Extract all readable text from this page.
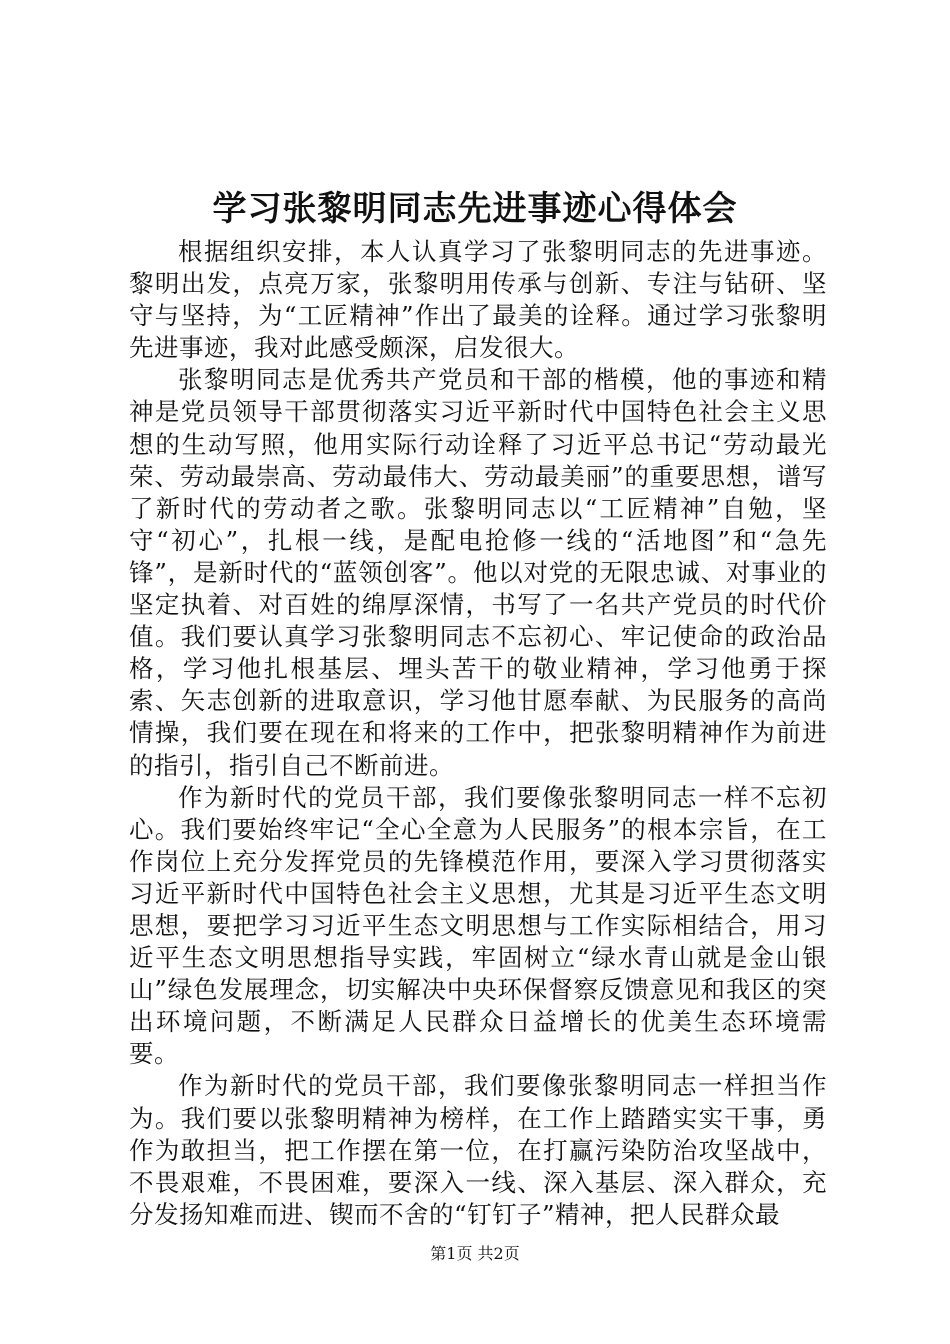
学习张黎明同志先进事迹心得体会

根据组织安排，本人认真学习了张黎明同志的先进事迹。黎明出发，点亮万家，张黎明用传承与创新、专注与钻研、坚守与坚持，为“工匠精神”作出了最美的诠释。通过学习张黎明先进事迹，我对此感受颇深，启发很大。

张黎明同志是优秀共产党员和干部的楷模，他的事迹和精神是党员领导干部贯彻落实习近平新时代中国特色社会主义思想的生动写照，他用实际行动诠释了习近平总书记“劳动最光荣、劳动最崇高、劳动最伟大、劳动最美丽”的重要思想，谱写了新时代的劳动者之歌。张黎明同志以“工匠精神”自勉，坚守“初心”，扎根一线，是配电抢修一线的“活地图”和“急先锋”，是新时代的“蓝领创客”。他以对党的无限忠诚、对事业的坚定执着、对百姓的绵厚深情，书写了一名共产党员的时代价值。我们要认真学习张黎明同志不忘初心、牢记使命的政治品格，学习他扎根基层、埋头苦干的敬业精神，学习他勇于探索、矢志创新的进取意识，学习他甘愿奉献、为民服务的高尚情操，我们要在现在和将来的工作中，把张黎明精神作为前进的指引，指引自己不断前进。

作为新时代的党员干部，我们要像张黎明同志一样不忘初心。我们要始终牢记“全心全意为人民服务”的根本宗旨，在工作岗位上充分发挥党员的先锋模范作用，要深入学习贯彻落实习近平新时代中国特色社会主义思想，尤其是习近平生态文明思想，要把学习习近平生态文明思想与工作实际相结合，用习近平生态文明思想指导实践，牢固树立“绿水青山就是金山银山”绿色发展理念，切实解决中央环保督察反馈意见和我区的突出环境问题，不断满足人民群众日益增长的优美生态环境需要。

作为新时代的党员干部，我们要像张黎明同志一样担当作为。我们要以张黎明精神为榜样，在工作上踏踏实实干事，勇作为敢担当，把工作摆在第一位，在打赢污染防治攻坚战中，不畏艰难，不畏困难，要深入一线、深入基层、深入群众，充分发扬知难而进、锲而不舍的“钉钉子”精神，把人民群众最

第1页 共2页
